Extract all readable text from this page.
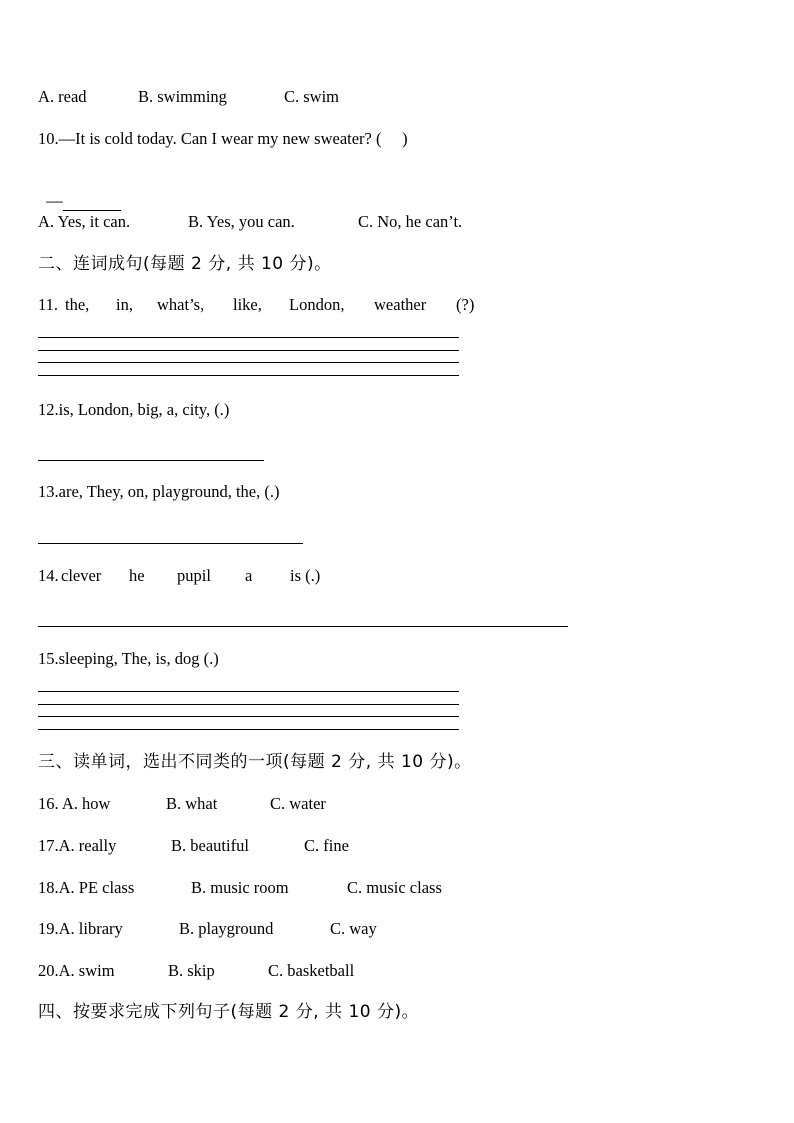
A. read	B. swimming	C. swim
10.—It is cold today. Can I wear my new sweater? (     )

—

A. Yes, it can.	B. Yes, you can.	C. No, he can’t.
二、连词成句(每题 2 分, 共 10 分)。
11. the, in, what’s, like, London, weather (?)
12.is, London, big, a, city, (.)
13.are, They, on, playground, the, (.)
14. clever he pupil a is (.)
15.sleeping, The, is, dog (.)
三、读单词，选出不同类的一项(每题 2 分, 共 10 分)。
16. A. how	B. what	C. water
17.A. really	B. beautiful	C. fine
18.A. PE class	B. music room	C. music class
19.A. library	B. playground	C. way
20.A. swim	B. skip	C. basketball
四、按要求完成下列句子(每题 2 分, 共 10 分)。
